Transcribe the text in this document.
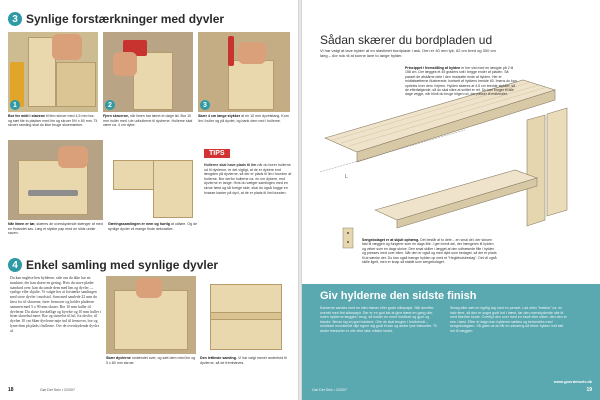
3 Synlige forstærkninger med dyvler
1	2	3
Bor for midt i stavene til fem skruer med 4,5 mm bor, og sæt tile to pladser med lim og skruer 5½ x 60 mm. Til skruer samling skal du ikke bruge skuemærker.
Fjern skruerne, når limen har tørret et døgn tid. Bor 10 mm huller med i de udhullerne til dyvlerne. Hullerne skal være ca. 4 cm dybe.
Skær 4 cm lange stykker af en 10 mm dyvelstang. Kom lim i huller og på dyvler, og bank dem ned i hullerne.
TIPS
Hullerne skal have plads til lim når du borer hullerne ud til dyvlerne, er det vigtigt, at de er dybere end længden på dyvlerne, så der er plads til lim i bunden af hullerne. Bor derfor hullerne ca. en cm dybere, end dyvlerne er lange. Hvis du vælger samlingen med en skrue først og så forrige side, skal du også hugge en hvasse kanter på dyvl, at de er plads til limi bunden.
Når limen er tør, skæres de overskydende stænger af med en finlandet sav. Læg et stykke pap med en slids under saven.
Gæringssamlingen er nem og hurtig at udføre. Og de synlige dyvler vil mange finde dekorative.
4 Enkel samling med synlige dyvler
Du kan naglese hen hylderne, side om du ikke har en maskine, der kan skære en gering. Hvis du stave plader standard over, kan du samle dem med lim og dyvler — synlige eller skjulte. Vi valgte her at forstærke samlingen med store dyvler i modstol. Som med samlede 22 mm du først for til skruerne, fører fremover og holder pladerne sammen med 5 x 90 mm skruer. Bor 10 mm huller til dyvlerne. Du skrue forskellige og byrelse og 10 mm huller i hvær skruehul mere. Bor og størrelse til lul, fra dovler, til dyvlen 10 cm Skær dyvlerne nøje ind til fremover, bor og lyme dem på plads i hullerne. Ovr de overskydende dyvler af.
Skær dyvlerne omlændet over, og sæt dem med lim og 5 x 80 mm skruer.
Den lettieste samling. Vi har valgt mener anderhed til dyvlerne, så de fremhæves.
18	Gør Det Selv • 2/2007
Sådan skærer du bordpladen ud
Vi har valgt at lave hylder af en stavlimet bordplade i ask. Den er 40 mm tyk, 62 cm bred og 300 cm lang – dor nok til at kunne lave to lange hylder.
L
Princippet i fremstilling af hylden er her vist med en længde på 2 til 158 cm. Der lægges et 45 graders snit i begge ender af pladen. Så passet de afskårne dele i den modsatte ende af hylden. Her er midtafsætterne illustrerede, bortsett af hyldens bredde 60. Imens du kan opdeles hver dem i lejrem. Hylden skæres at 4.5 cm bredde stykker, så de efterfølgende, så du skal sikre at snittet er ret. Du kan bruger til alle dage vegge, når blinit du bruge hilgen ud, der passer til materialet.
Sengebolaget er at skjult ophæng. Det består af to dele – en smal del, der skruen fast til væggen og fungerer som en dags lille. I gen bredt del, der hængeres til hylden og virker som en dags skrive. Den smal skiller i lægget af den udfræsede fille i hylden og presses med over bllen. Når den er også og med dybt som bedaget, så der er plads til at sænke det. Du kan også hænge hylden op med et "Heglehulsbeslag". Det vil også skille ligelt, men er knap så stabilt som sengebolaget.
Giv hylderne den sidste finish
Kanterne sandes med en slim-fræser eller grofe slibepapir. Slib derefter overalt med fint slibepapir. Der er en god idé at give træet en gang olie, inden hylderne lægges i brug, så holder en mere holdbart og gjort og blanke. Bevar sig en god holdemt. Olie de skal bruges i fuldbrendt – mindskel mundbeldt vilje egner sig godt til ask og andre lyse træsorter. Til andre træsorter er olie eller lakk måske bedst.
Smøg eller sæt en rigelig lag med en pensel. Lad olien "trække" ca. en halv time, så den er suget godt ind i træet, før den overskydende olie tit med fiberfrie klude. Overflyt den over med en kludt eller sliber. den den er ens i tørst. Efter et døgn kan hylderne sættes og behandles med sengebolagsen. Så gisen at du får en økvaring så bliver hylden helt tæt ind til væggen.
www.goerdetselv.dk
Gør Det Selv • 2/2007	19
